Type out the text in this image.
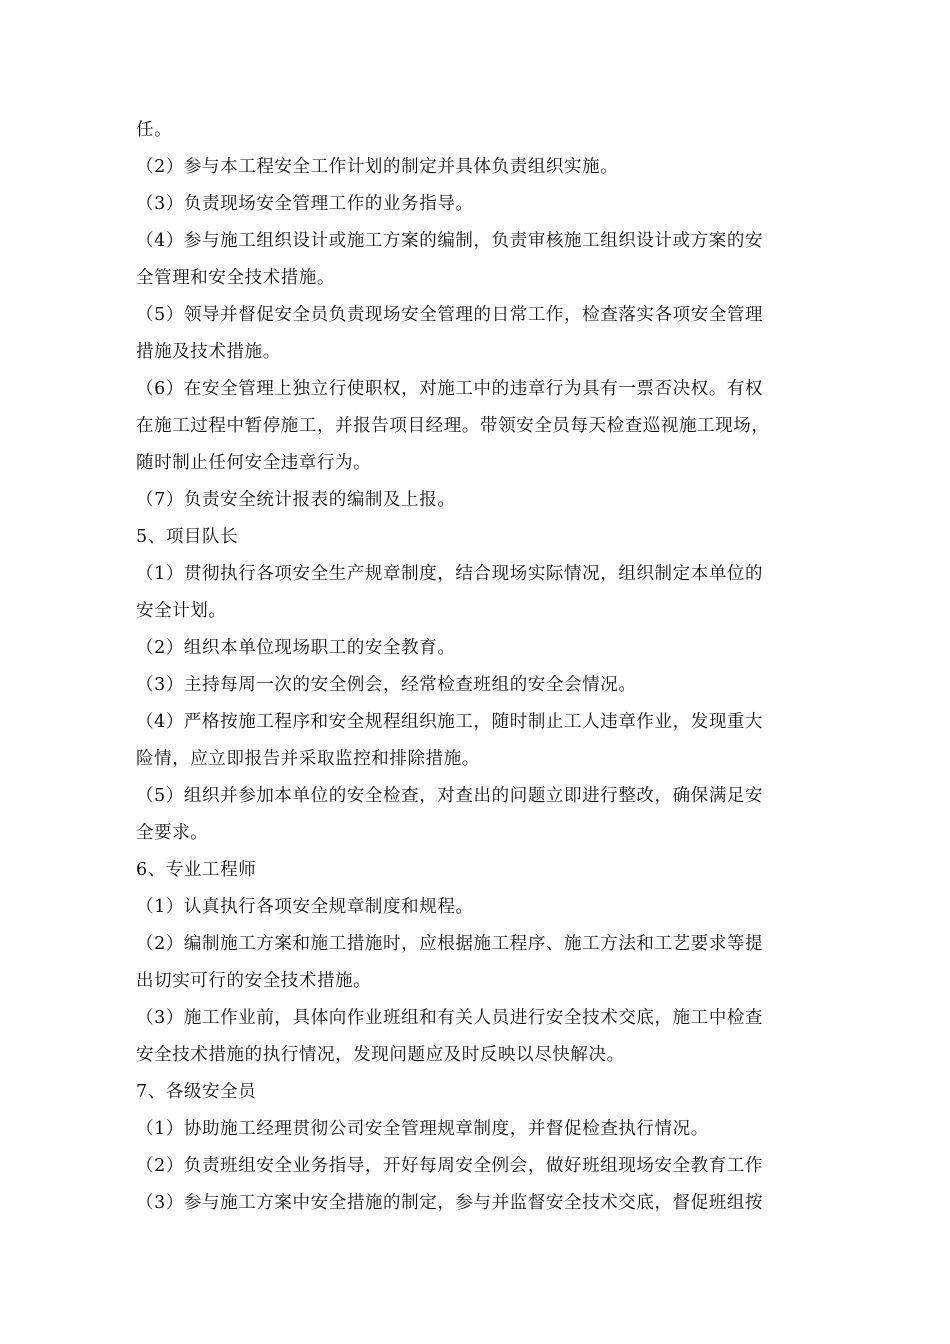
任。
（2）参与本工程安全工作计划的制定并具体负责组织实施。
（3）负责现场安全管理工作的业务指导。
（4）参与施工组织设计或施工方案的编制，负责审核施工组织设计或方案的安
全管理和安全技术措施。
（5）领导并督促安全员负责现场安全管理的日常工作，检查落实各项安全管理
措施及技术措施。
（6）在安全管理上独立行使职权，对施工中的违章行为具有一票否决权。有权
在施工过程中暂停施工，并报告项目经理。带领安全员每天检查巡视施工现场，
随时制止任何安全违章行为。
（7）负责安全统计报表的编制及上报。
5、项目队长
（1）贯彻执行各项安全生产规章制度，结合现场实际情况，组织制定本单位的
安全计划。
（2）组织本单位现场职工的安全教育。
（3）主持每周一次的安全例会，经常检查班组的安全会情况。
（4）严格按施工程序和安全规程组织施工，随时制止工人违章作业，发现重大
险情，应立即报告并采取监控和排除措施。
（5）组织并参加本单位的安全检查，对查出的问题立即进行整改，确保满足安
全要求。
6、专业工程师
（1）认真执行各项安全规章制度和规程。
（2）编制施工方案和施工措施时，应根据施工程序、施工方法和工艺要求等提
出切实可行的安全技术措施。
（3）施工作业前，具体向作业班组和有关人员进行安全技术交底，施工中检查
安全技术措施的执行情况，发现问题应及时反映以尽快解决。
7、各级安全员
（1）协助施工经理贯彻公司安全管理规章制度，并督促检查执行情况。
（2）负责班组安全业务指导，开好每周安全例会，做好班组现场安全教育工作
（3）参与施工方案中安全措施的制定，参与并监督安全技术交底，督促班组按
